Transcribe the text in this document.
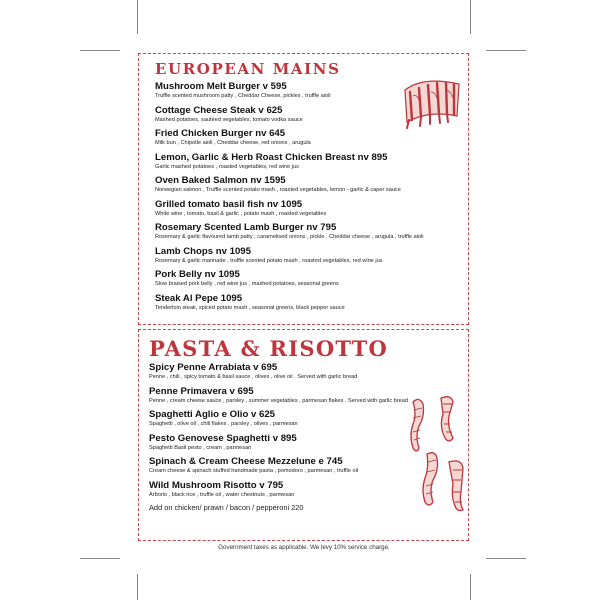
EUROPEAN MAINS
Mushroom Melt Burger v 595
Truffle scented mushroom patty , Cheddar Cheese, pickles , truffle aioli
Cottage Cheese Steak v 625
Mashed potatoes, sautéed vegetables, tomato vodka sauce
Fried Chicken Burger nv 645
Milk bun , Chipotle aioli , Cheddar cheese, red onions , arugula
Lemon, Garlic & Herb Roast Chicken Breast nv 895
Garlic mashed potatoes , roasted vegetables, red wine jus
Oven Baked Salmon nv 1595
Norwegian salmon , Truffle scented potato mash , roasted vegetables, lemon - garlic & caper sauce
Grilled tomato basil fish nv 1095
White wine , tomato, basil & garlic , potato mash , roasted vegetables
Rosemary Scented Lamb Burger nv 795
Rosemary & garlic flavoured lamb patty , caramelised onions , pickle , Cheddar cheese , arugula , truffle aioli
Lamb Chops nv 1095
Rosemary & garlic marinade , truffle scented potato mash , roasted vegetables, red wine jus
Pork Belly nv 1095
Slow braised pork belly , red wine jus , mashed potatoes, seasonal greens
Steak Al Pepe 1095
Tenderloin steak, spiced potato mash , seasonal greens, black pepper sauce
PASTA & RISOTTO
Spicy Penne Arrabiata v 695
Penne , chili , spicy tomato & basil sauce , olives , olive oil . Served with garlic bread
Penne Primavera v 695
Penne , cream cheese sauce , parsley , summer vegetables , parmesan flakes . Served with garlic bread
Spaghetti Aglio e Olio v 625
Spaghetti , olive oil , chili flakes , parsley , olives , parmesan
Pesto Genovese Spaghetti v 895
Spaghetti Basil pesto , cream , parmesan
Spinach & Cream Cheese Mezzelune e 745
Cream cheese & spinach stuffed handmade pasta , pomodoro , parmesan , truffle oil
Wild Mushroom Risotto v 795
Arborio , black rice , truffle oil , water chestnuts , parmesan
Add on chicken/ prawn / bacon / pepperoni 220
Government taxes as applicable. We levy 10% service charge.
